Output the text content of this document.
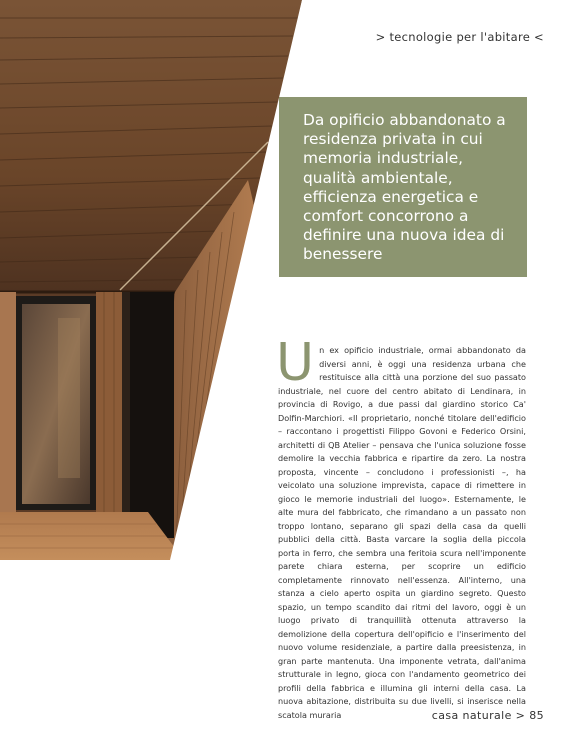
> tecnologie per l'abitare <
Da opificio abbandonato a residenza privata in cui memoria industriale, qualità ambientale, efficienza energetica e comfort concorrono a definire una nuova idea di benessere
Un ex opificio industriale, ormai abbandonato da diversi anni, è oggi una residenza urbana che restituisce alla città una porzione del suo passato industriale, nel cuore del centro abitato di Lendinara, in provincia di Rovigo, a due passi dal giardino storico Ca' Dolfin-Marchiori. «Il proprietario, nonché titolare dell'edificio – raccontano i progettisti Filippo Govoni e Federico Orsini, architetti di QB Atelier – pensava che l'unica soluzione fosse demolire la vecchia fabbrica e ripartire da zero. La nostra proposta, vincente – concludono i professionisti –, ha veicolato una soluzione imprevista, capace di rimettere in gioco le memorie industriali del luogo». Esternamente, le alte mura del fabbricato, che rimandano a un passato non troppo lontano, separano gli spazi della casa da quelli pubblici della città. Basta varcare la soglia della piccola porta in ferro, che sembra una feritoia scura nell'imponente parete chiara esterna, per scoprire un edificio completamente rinnovato nell'essenza. All'interno, una stanza a cielo aperto ospita un giardino segreto. Questo spazio, un tempo scandito dai ritmi del lavoro, oggi è un luogo privato di tranquillità ottenuta attraverso la demolizione della copertura dell'opificio e l'inserimento del nuovo volume residenziale, a partire dalla preesistenza, in gran parte mantenuta. Una imponente vetrata, dall'anima strutturale in legno, gioca con l'andamento geometrico dei profili della fabbrica e illumina gli interni della casa. La nuova abitazione, distribuita su due livelli, si inserisce nella scatola muraria	casa naturale > 85
